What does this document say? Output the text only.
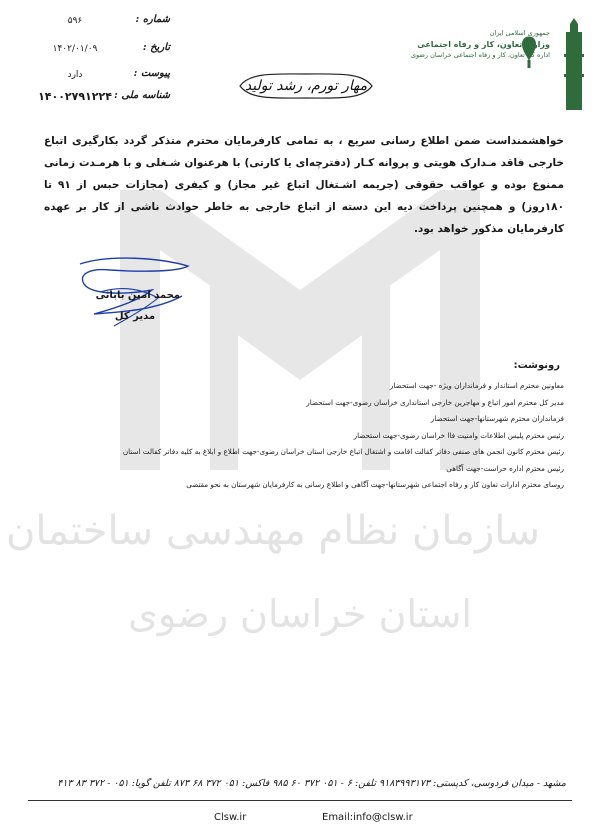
سازمان نظام مهندسی ساختمان
استان خراسان رضوی
جمهوری اسلامی ایران
وزارت تعاون، کار و رفاه اجتماعی
اداره کل تعاون، کار و رفاه اجتماعی خراسان رضوی
مهار تورم، رشد تولید
شماره :
۵۹۶
تاریخ :
۱۴۰۲/۰۱/۰۹
پیوست :
دارد
شناسه ملی :
۱۴۰۰۲۷۹۱۲۲۴
خواهشمنداست ضمن اطلاع رسانی سریع ، به تمامی کارفرمایان محترم متذکر گردد بکارگیری اتباع خارجی فاقد مـدارک هویتی و پروانه کـار (دفترچه‌ای یا کارتی) با هرعنوان شـغلی و با هرمـدت زمانی ممنوع بوده و عواقب حقوقی (جریمه اشـتغال اتباع غیر مجاز) و کیفری (مجازات حبس از ۹۱ تا ۱۸۰روز) و همچنین پرداخت دیه این دسته از اتباع خارجی به خاطر حوادث ناشی از کار بر عهده کارفرمایان مذکور خواهد بود.
محمد امین بابائی
مدیر کل
رونوشت:
معاونین محترم استاندار و فرمانداران ویژه -جهت استحضار
مدیر کل محترم امور اتباع و مهاجرین خارجی استانداری خراسان رضوی-جهت استحضار
فرمانداران محترم شهرستانها-جهت استحضار
رئیس محترم پلیس اطلاعات وامنیت فاا خراسان رضوی-جهت استحضار
رئیس محترم کانون انجمن های صنفی دفاتر کفالت اقامت و اشتغال اتباع خارجی استان خراسان رضوی-جهت اطلاع و ابلاغ به کلیه دفاتر کفالت استان
رئیس محترم اداره حراست-جهت آگاهی
روسای محترم ادارات تعاون کار و رفاه اجتماعی شهرستانها-جهت آگاهی و اطلاع رسانی به کارفرمایان شهرستان به نحو مقتضی
مشهد - میدان فردوسی، کدپستی: ۹۱۸۳۹۹۳۱۷۳ تلفن: ۶ - ۰۵۱ ۳۷۲ ۶۰ ۹۸۵ فاکس: ۰۵۱ ۳۷۲ ۶۸ ۸۷۳ تلفن گویا: ۰۵۱ - ۳۷۲ ۸۳ ۴۱۳
Clsw.ir	Email:info@clsw.ir
